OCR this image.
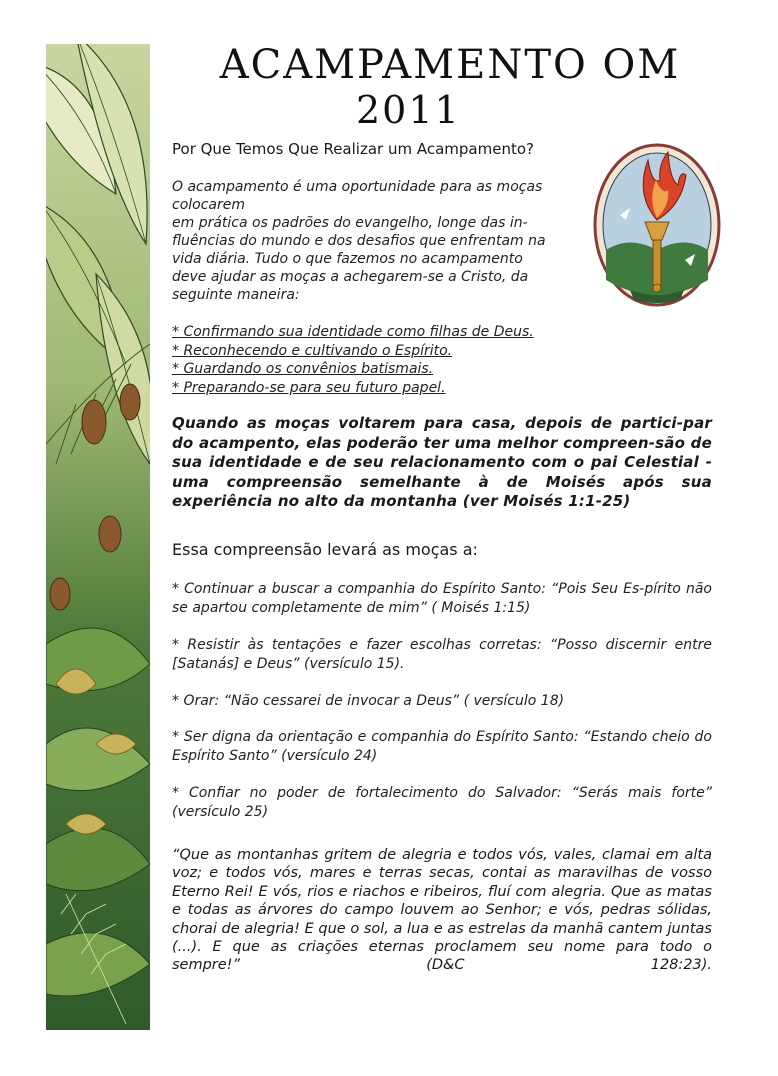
ACAMPAMENTO OM
2011
Por Que Temos Que Realizar um Acampamento?
O acampamento é uma oportunidade para as moças
colocarem
em prática os padrões do evangelho, longe das in-
fluências do mundo e dos desafios que enfrentam na
vida diária. Tudo o que fazemos no acampamento
deve ajudar as moças a achegarem-se a Cristo, da
seguinte maneira:
* Confirmando sua identidade como filhas de Deus.
* Reconhecendo e cultivando o Espírito.
* Guardando os convênios batismais.
* Preparando-se para seu futuro papel.
Quando as moças voltarem para casa, depois de partici-par do acampento, elas poderão ter uma melhor compreen-são de sua identidade e de seu relacionamento com o pai Celestial - uma compreensão semelhante à de Moisés após sua experiência no alto da montanha (ver Moisés 1:1-25)
Essa compreensão levará as moças a:
* Continuar a buscar a companhia do Espírito Santo: “Pois Seu Es-pírito não se apartou completamente de mim” ( Moisés 1:15)
* Resistir às tentações e fazer escolhas corretas: “Posso discernir entre [Satanás] e Deus” (versículo 15).
* Orar: “Não cessarei de invocar a Deus” ( versículo 18)
* Ser digna da orientação e companhia do Espírito Santo: “Estando cheio do Espírito Santo” (versículo 24)
* Confiar no poder de fortalecimento do Salvador: “Serás mais forte” (versículo 25)
“Que as montanhas gritem de alegria e todos vós, vales, clamai em alta voz; e todos vós, mares e terras secas, contai as maravilhas de vosso Eterno Rei! E vós, rios e riachos e ribeiros, fluí com alegria. Que as matas e todas as árvores do campo louvem ao Senhor; e vós, pedras sólidas, chorai de alegria! E que o sol, a lua e as estrelas da manhã cantem juntas (...). E que as criações eternas proclamem seu nome para todo o sempre!” (D&C 128:23).
